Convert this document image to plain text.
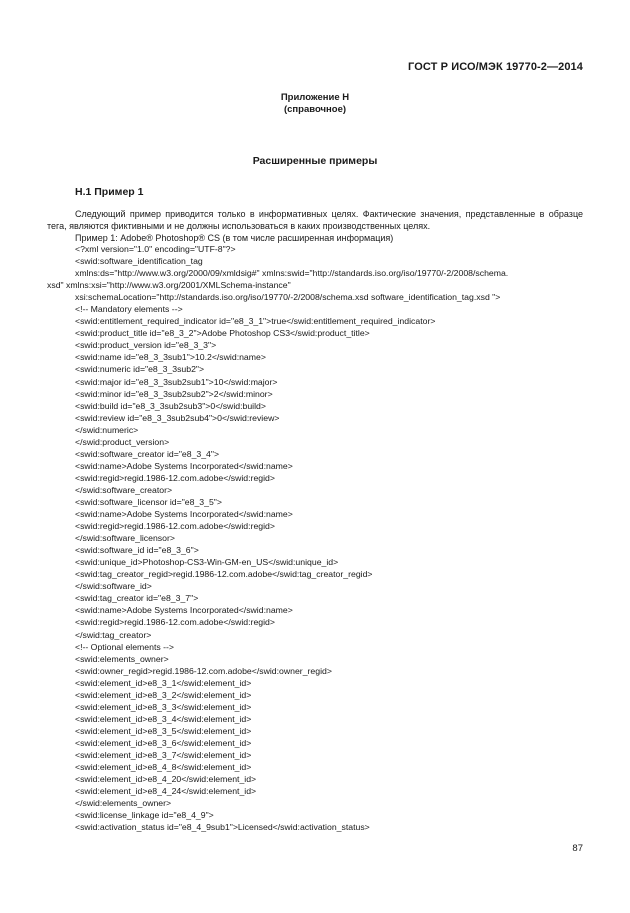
ГОСТ Р ИСО/МЭК 19770-2—2014
Приложение Н
(справочное)
Расширенные примеры
Н.1 Пример 1

Следующий пример приводится только в информативных целях. Фактические значения, представленные в образце тега, являются фиктивными и не должны использоваться в каких производственных целях.

Пример 1: Adobe® Photoshop® CS (в том числе расширенная информация)

<?xml version="1.0" encoding="UTF-8"?>
<swid:software_identification_tag
xmlns:ds="http://www.w3.org/2000/09/xmldsig#" xmlns:swid="http://standards.iso.org/iso/19770/-2/2008/schema.
xsd" xmlns:xsi="http://www.w3.org/2001/XMLSchema-instance"
xsi:schemaLocation="http://standards.iso.org/iso/19770/-2/2008/schema.xsd software_identification_tag.xsd ">
<!-- Mandatory elements -->
<swid:entitlement_required_indicator id="e8_3_1">true</swid:entitlement_required_indicator>
<swid:product_title id="e8_3_2">Adobe Photoshop CS3</swid:product_title>
<swid:product_version id="e8_3_3">
<swid:name id="e8_3_3sub1">10.2</swid:name>
<swid:numeric id="e8_3_3sub2">
<swid:major id="e8_3_3sub2sub1">10</swid:major>
<swid:minor id="e8_3_3sub2sub2">2</swid:minor>
<swid:build id="e8_3_3sub2sub3">0</swid:build>
<swid:review id="e8_3_3sub2sub4">0</swid:review>
</swid:numeric>
</swid:product_version>
<swid:software_creator id="e8_3_4">
<swid:name>Adobe Systems Incorporated</swid:name>
<swid:regid>regid.1986-12.com.adobe</swid:regid>
</swid:software_creator>
<swid:software_licensor id="e8_3_5">
<swid:name>Adobe Systems Incorporated</swid:name>
<swid:regid>regid.1986-12.com.adobe</swid:regid>
</swid:software_licensor>
<swid:software_id id="e8_3_6">
<swid:unique_id>Photoshop-CS3-Win-GM-en_US</swid:unique_id>
<swid:tag_creator_regid>regid.1986-12.com.adobe</swid:tag_creator_regid>
</swid:software_id>
<swid:tag_creator id="e8_3_7">
<swid:name>Adobe Systems Incorporated</swid:name>
<swid:regid>regid.1986-12.com.adobe</swid:regid>
</swid:tag_creator>
<!-- Optional elements -->
<swid:elements_owner>
<swid:owner_regid>regid.1986-12.com.adobe</swid:owner_regid>
<swid:element_id>e8_3_1</swid:element_id>
<swid:element_id>e8_3_2</swid:element_id>
<swid:element_id>e8_3_3</swid:element_id>
<swid:element_id>e8_3_4</swid:element_id>
<swid:element_id>e8_3_5</swid:element_id>
<swid:element_id>e8_3_6</swid:element_id>
<swid:element_id>e8_3_7</swid:element_id>
<swid:element_id>e8_4_8</swid:element_id>
<swid:element_id>e8_4_20</swid:element_id>
<swid:element_id>e8_4_24</swid:element_id>
</swid:elements_owner>
<swid:license_linkage id="e8_4_9">
<swid:activation_status id="e8_4_9sub1">Licensed</swid:activation_status>
87
